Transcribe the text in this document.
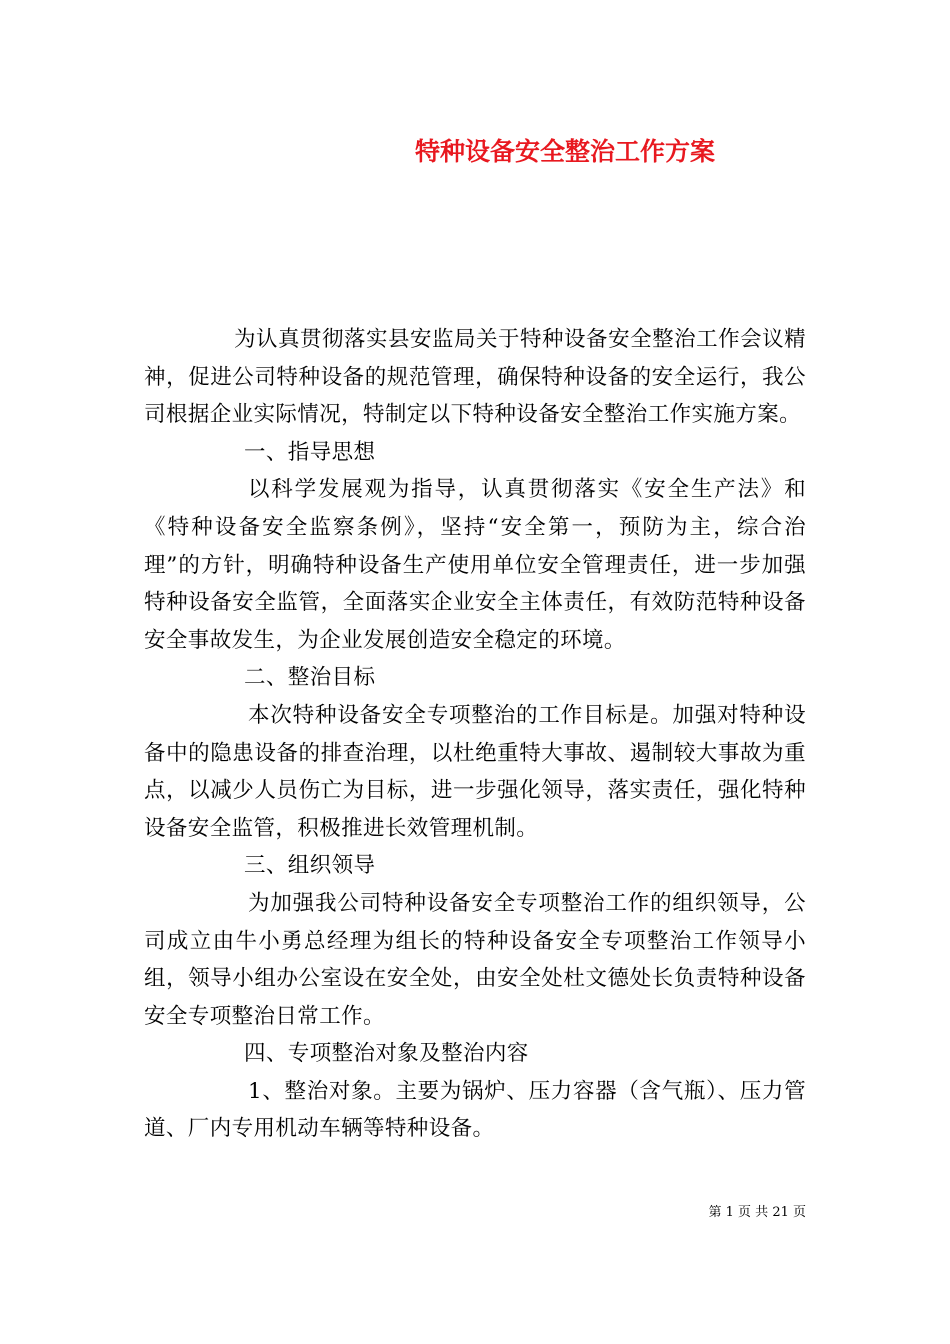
特种设备安全整治工作方案

为认真贯彻落实县安监局关于特种设备安全整治工作会议精神，促进公司特种设备的规范管理，确保特种设备的安全运行，我公司根据企业实际情况，特制定以下特种设备安全整治工作实施方案。

一、指导思想

以科学发展观为指导，认真贯彻落实《安全生产法》和《特种设备安全监察条例》，坚持“安全第一，预防为主，综合治理”的方针，明确特种设备生产使用单位安全管理责任，进一步加强特种设备安全监管，全面落实企业安全主体责任，有效防范特种设备安全事故发生，为企业发展创造安全稳定的环境。

二、整治目标

本次特种设备安全专项整治的工作目标是。加强对特种设备中的隐患设备的排查治理，以杜绝重特大事故、遏制较大事故为重点，以减少人员伤亡为目标，进一步强化领导，落实责任，强化特种设备安全监管，积极推进长效管理机制。

三、组织领导

为加强我公司特种设备安全专项整治工作的组织领导，公司成立由牛小勇总经理为组长的特种设备安全专项整治工作领导小组，领导小组办公室设在安全处，由安全处杜文德处长负责特种设备安全专项整治日常工作。

四、专项整治对象及整治内容

1、整治对象。主要为锅炉、压力容器（含气瓶）、压力管道、厂内专用机动车辆等特种设备。

第 1 页 共 21 页
